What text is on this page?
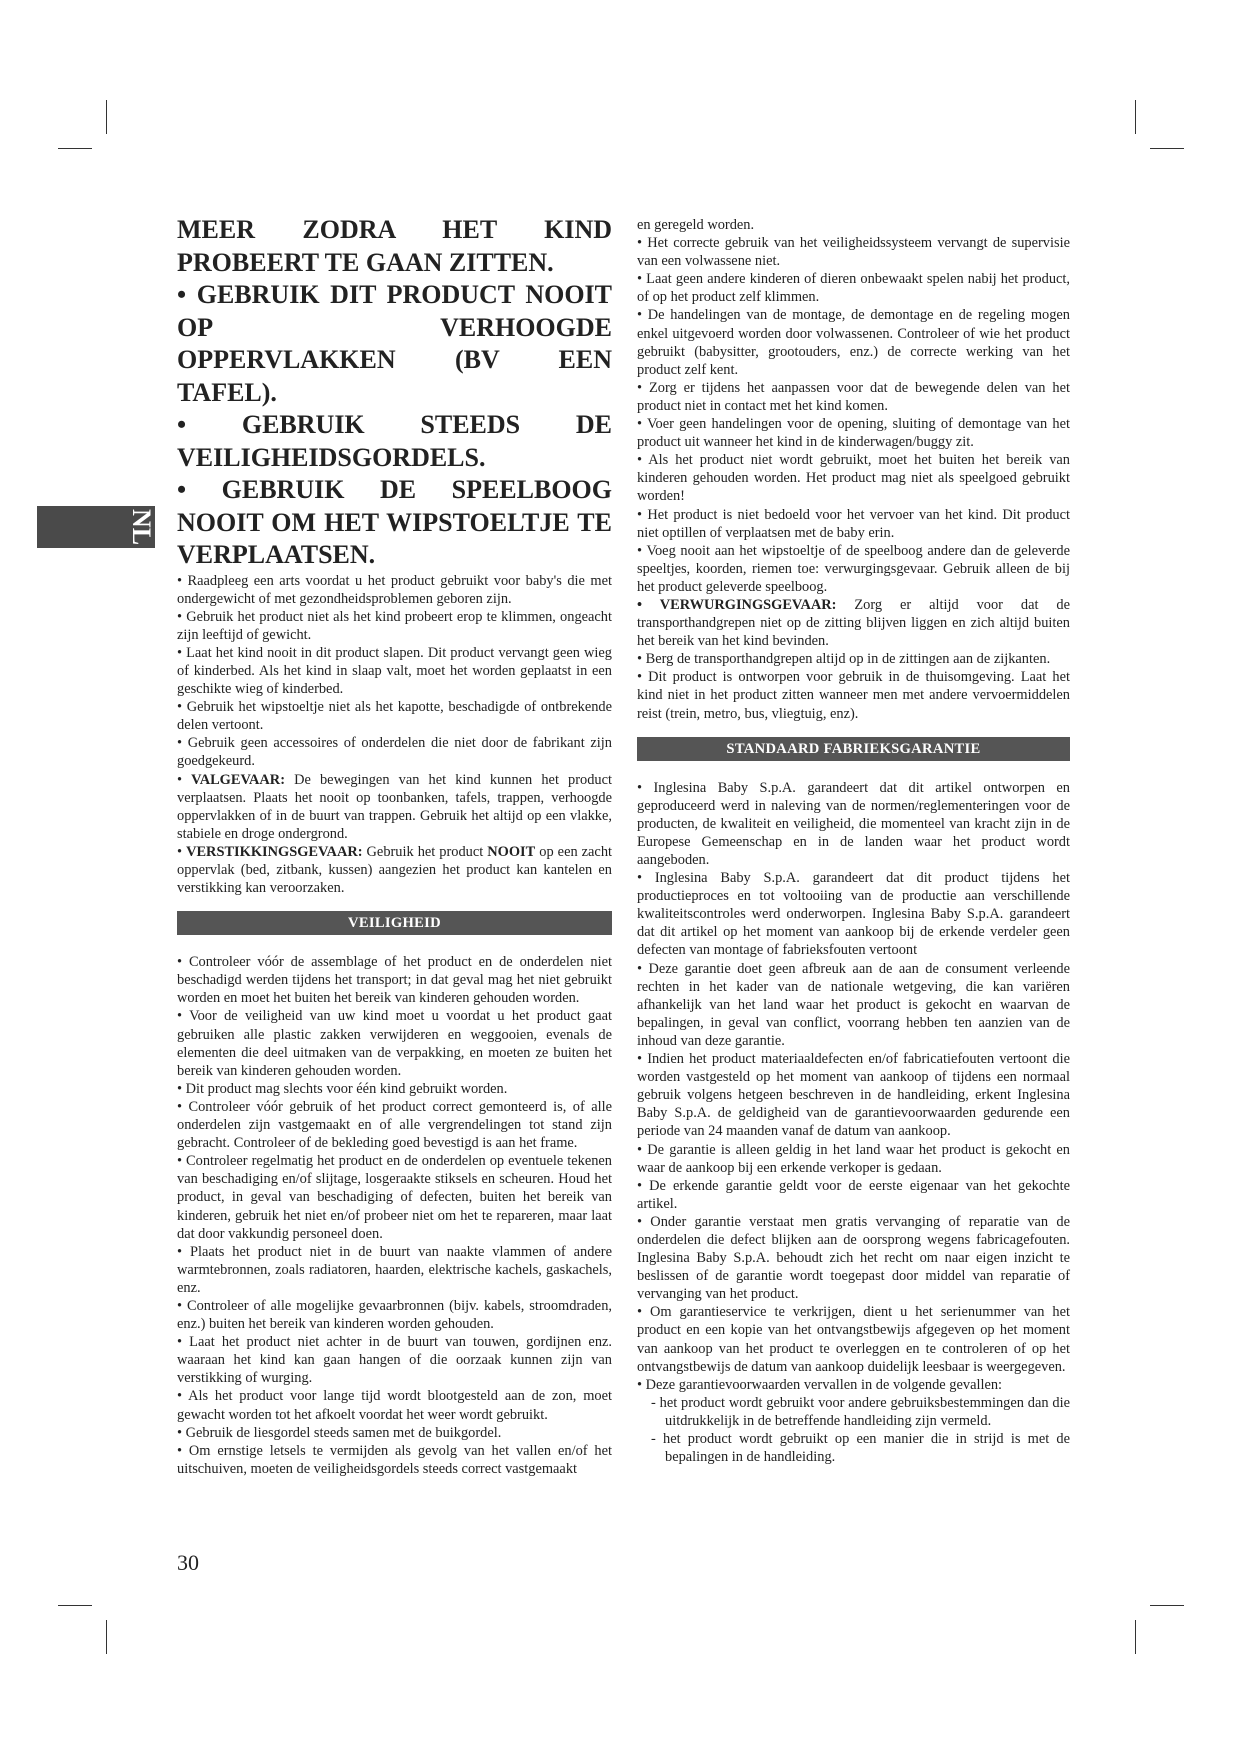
NL

MEER ZODRA HET KIND PROBEERT TE GAAN ZITTEN.
• GEBRUIK DIT PRODUCT NOOIT OP VERHOOGDE OPPERVLAKKEN (BV EEN TAFEL).
• GEBRUIK STEEDS DE VEILIGHEIDSGORDELS.
• GEBRUIK DE SPEELBOOG NOOIT OM HET WIPSTOELTJE TE VERPLAATSEN.

• Raadpleeg een arts voordat u het product gebruikt voor baby's die met ondergewicht of met gezondheidsproblemen geboren zijn.

• Gebruik het product niet als het kind probeert erop te klimmen, ongeacht zijn leeftijd of gewicht.

• Laat het kind nooit in dit product slapen. Dit product vervangt geen wieg of kinderbed. Als het kind in slaap valt, moet het worden geplaatst in een geschikte wieg of kinderbed.

• Gebruik het wipstoeltje niet als het kapotte, beschadigde of ontbrekende delen vertoont.

• Gebruik geen accessoires of onderdelen die niet door de fabrikant zijn goedgekeurd.

• VALGEVAAR: De bewegingen van het kind kunnen het product verplaatsen. Plaats het nooit op toonbanken, tafels, trappen, verhoogde oppervlakken of in de buurt van trappen. Gebruik het altijd op een vlakke, stabiele en droge ondergrond.

• VERSTIKKINGSGEVAAR: Gebruik het product NOOIT op een zacht oppervlak (bed, zitbank, kussen) aangezien het product kan kantelen en verstikking kan veroorzaken.

VEILIGHEID

• Controleer vóór de assemblage of het product en de onderdelen niet beschadigd werden tijdens het transport; in dat geval mag het niet gebruikt worden en moet het buiten het bereik van kinderen gehouden worden.

• Voor de veiligheid van uw kind moet u voordat u het product gaat gebruiken alle plastic zakken verwijderen en weggooien, evenals de elementen die deel uitmaken van de verpakking, en moeten ze buiten het bereik van kinderen gehouden worden.

• Dit product mag slechts voor één kind gebruikt worden.

• Controleer vóór gebruik of het product correct gemonteerd is, of alle onderdelen zijn vastgemaakt en of alle vergrendelingen tot stand zijn gebracht. Controleer of de bekleding goed bevestigd is aan het frame.

• Controleer regelmatig het product en de onderdelen op eventuele tekenen van beschadiging en/of slijtage, losgeraakte stiksels en scheuren. Houd het product, in geval van beschadiging of defecten, buiten het bereik van kinderen, gebruik het niet en/of probeer niet om het te repareren, maar laat dat door vakkundig personeel doen.

• Plaats het product niet in de buurt van naakte vlammen of andere warmtebronnen, zoals radiatoren, haarden, elektrische kachels, gaskachels, enz.

• Controleer of alle mogelijke gevaarbronnen (bijv. kabels, stroomdraden, enz.) buiten het bereik van kinderen worden gehouden.

• Laat het product niet achter in de buurt van touwen, gordijnen enz. waaraan het kind kan gaan hangen of die oorzaak kunnen zijn van verstikking of wurging.

• Als het product voor lange tijd wordt blootgesteld aan de zon, moet gewacht worden tot het afkoelt voordat het weer wordt gebruikt.

• Gebruik de liesgordel steeds samen met de buikgordel.

• Om ernstige letsels te vermijden als gevolg van het vallen en/of het uitschuiven, moeten de veiligheidsgordels steeds correct vastgemaakt

en geregeld worden.

• Het correcte gebruik van het veiligheidssysteem vervangt de supervisie van een volwassene niet.

• Laat geen andere kinderen of dieren onbewaakt spelen nabij het product, of op het product zelf klimmen.

• De handelingen van de montage, de demontage en de regeling mogen enkel uitgevoerd worden door volwassenen. Controleer of wie het product gebruikt (babysitter, grootouders, enz.) de correcte werking van het product zelf kent.

• Zorg er tijdens het aanpassen voor dat de bewegende delen van het product niet in contact met het kind komen.

• Voer geen handelingen voor de opening, sluiting of demontage van het product uit wanneer het kind in de kinderwagen/buggy zit.

• Als het product niet wordt gebruikt, moet het buiten het bereik van kinderen gehouden worden. Het product mag niet als speelgoed gebruikt worden!

• Het product is niet bedoeld voor het vervoer van het kind. Dit product niet optillen of verplaatsen met de baby erin.

• Voeg nooit aan het wipstoeltje of de speelboog andere dan de geleverde speeltjes, koorden, riemen toe: verwurgingsgevaar. Gebruik alleen de bij het product geleverde speelboog.

• VERWURGINGSGEVAAR: Zorg er altijd voor dat de transporthandgrepen niet op de zitting blijven liggen en zich altijd buiten het bereik van het kind bevinden.

• Berg de transporthandgrepen altijd op in de zittingen aan de zijkanten.

• Dit product is ontworpen voor gebruik in de thuisomgeving. Laat het kind niet in het product zitten wanneer men met andere vervoermiddelen reist (trein, metro, bus, vliegtuig, enz).

STANDAARD FABRIEKSGARANTIE

• Inglesina Baby S.p.A. garandeert dat dit artikel ontworpen en geproduceerd werd in naleving van de normen/reglementeringen voor de producten, de kwaliteit en veiligheid, die momenteel van kracht zijn in de Europese Gemeenschap en in de landen waar het product wordt aangeboden.

• Inglesina Baby S.p.A. garandeert dat dit product tijdens het productieproces en tot voltooiing van de productie aan verschillende kwaliteitscontroles werd onderworpen. Inglesina Baby S.p.A. garandeert dat dit artikel op het moment van aankoop bij de erkende verdeler geen defecten van montage of fabrieksfouten vertoont

• Deze garantie doet geen afbreuk aan de aan de consument verleende rechten in het kader van de nationale wetgeving, die kan variëren afhankelijk van het land waar het product is gekocht en waarvan de bepalingen, in geval van conflict, voorrang hebben ten aanzien van de inhoud van deze garantie.

• Indien het product materiaaldefecten en/of fabricatiefouten vertoont die worden vastgesteld op het moment van aankoop of tijdens een normaal gebruik volgens hetgeen beschreven in de handleiding, erkent Inglesina Baby S.p.A. de geldigheid van de garantievoorwaarden gedurende een periode van 24 maanden vanaf de datum van aankoop.

• De garantie is alleen geldig in het land waar het product is gekocht en waar de aankoop bij een erkende verkoper is gedaan.

• De erkende garantie geldt voor de eerste eigenaar van het gekochte artikel.

• Onder garantie verstaat men gratis vervanging of reparatie van de onderdelen die defect blijken aan de oorsprong wegens fabricagefouten. Inglesina Baby S.p.A. behoudt zich het recht om naar eigen inzicht te beslissen of de garantie wordt toegepast door middel van reparatie of vervanging van het product.

• Om garantieservice te verkrijgen, dient u het serienummer van het product en een kopie van het ontvangstbewijs afgegeven op het moment van aankoop van het product te overleggen en te controleren of op het ontvangstbewijs de datum van aankoop duidelijk leesbaar is weergegeven.

• Deze garantievoorwaarden vervallen in de volgende gevallen:

- het product wordt gebruikt voor andere gebruiksbestemmingen dan die uitdrukkelijk in de betreffende handleiding zijn vermeld.

- het product wordt gebruikt op een manier die in strijd is met de bepalingen in de handleiding.

30
